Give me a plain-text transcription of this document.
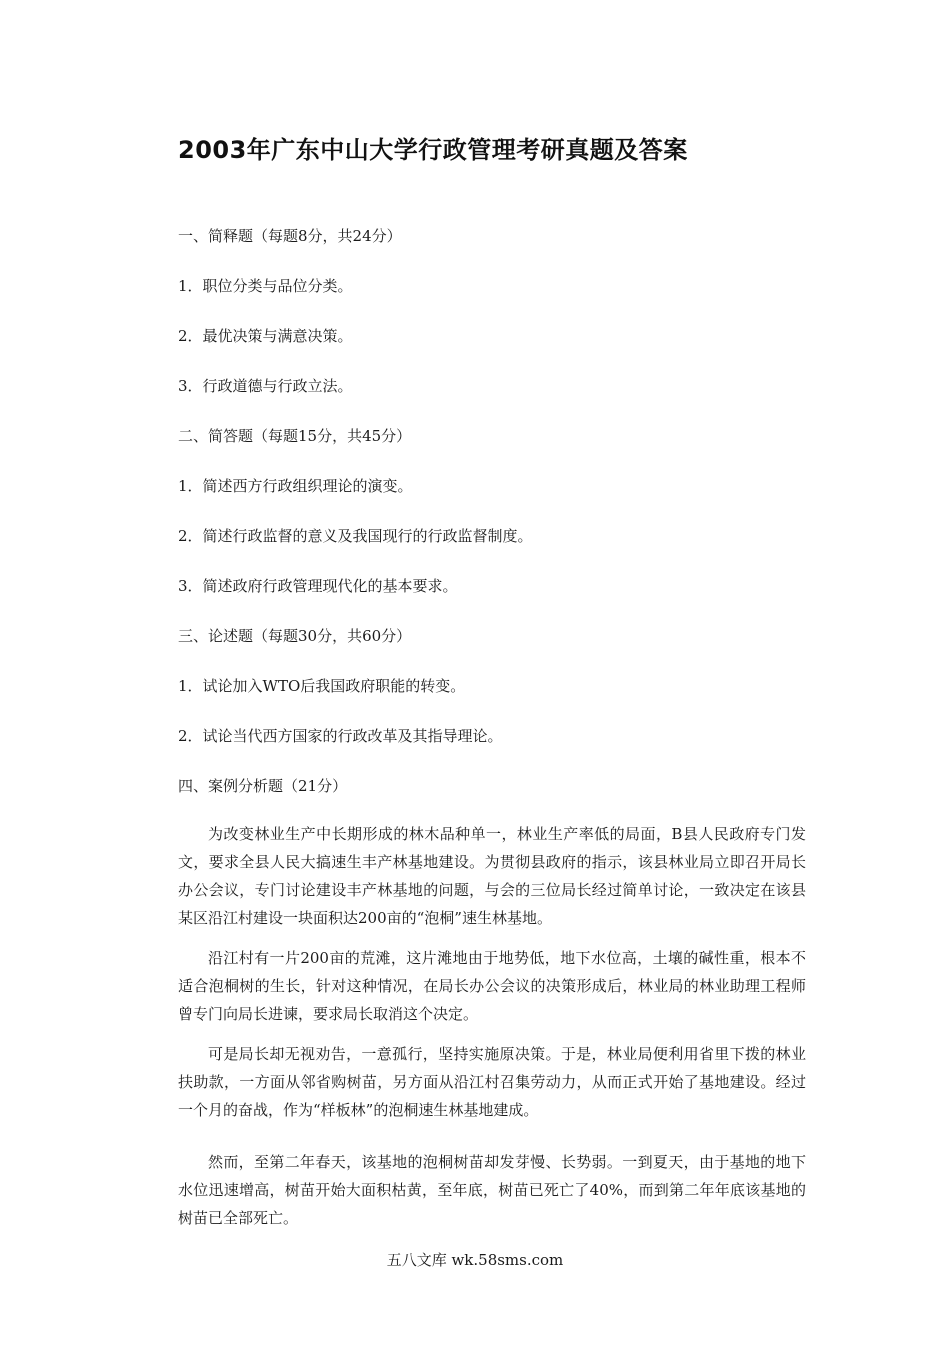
2003年广东中山大学行政管理考研真题及答案
一、简释题（每题8分，共24分）
1．职位分类与品位分类。
2．最优决策与满意决策。
3．行政道德与行政立法。
二、简答题（每题15分，共45分）
1．简述西方行政组织理论的演变。
2．简述行政监督的意义及我国现行的行政监督制度。
3．简述政府行政管理现代化的基本要求。
三、论述题（每题30分，共60分）
1．试论加入WTO后我国政府职能的转变。
2．试论当代西方国家的行政改革及其指导理论。
四、案例分析题（21分）
为改变林业生产中长期形成的林木品种单一，林业生产率低的局面，B县人民政府专门发文，要求全县人民大搞速生丰产林基地建设。为贯彻县政府的指示，该县林业局立即召开局长办公会议，专门讨论建设丰产林基地的问题，与会的三位局长经过简单讨论，一致决定在该县某区沿江村建设一块面积达200亩的“泡桐”速生林基地。
沿江村有一片200亩的荒滩，这片滩地由于地势低，地下水位高，土壤的碱性重，根本不适合泡桐树的生长，针对这种情况，在局长办公会议的决策形成后，林业局的林业助理工程师曾专门向局长进谏，要求局长取消这个决定。
可是局长却无视劝告，一意孤行，坚持实施原决策。于是，林业局便利用省里下拨的林业扶助款，一方面从邻省购树苗，另方面从沿江村召集劳动力，从而正式开始了基地建设。经过一个月的奋战，作为“样板林”的泡桐速生林基地建成。
然而，至第二年春天，该基地的泡桐树苗却发芽慢、长势弱。一到夏天，由于基地的地下水位迅速增高，树苗开始大面积枯黄，至年底，树苗已死亡了40%，而到第二年年底该基地的树苗已全部死亡。
五八文库 wk.58sms.com
